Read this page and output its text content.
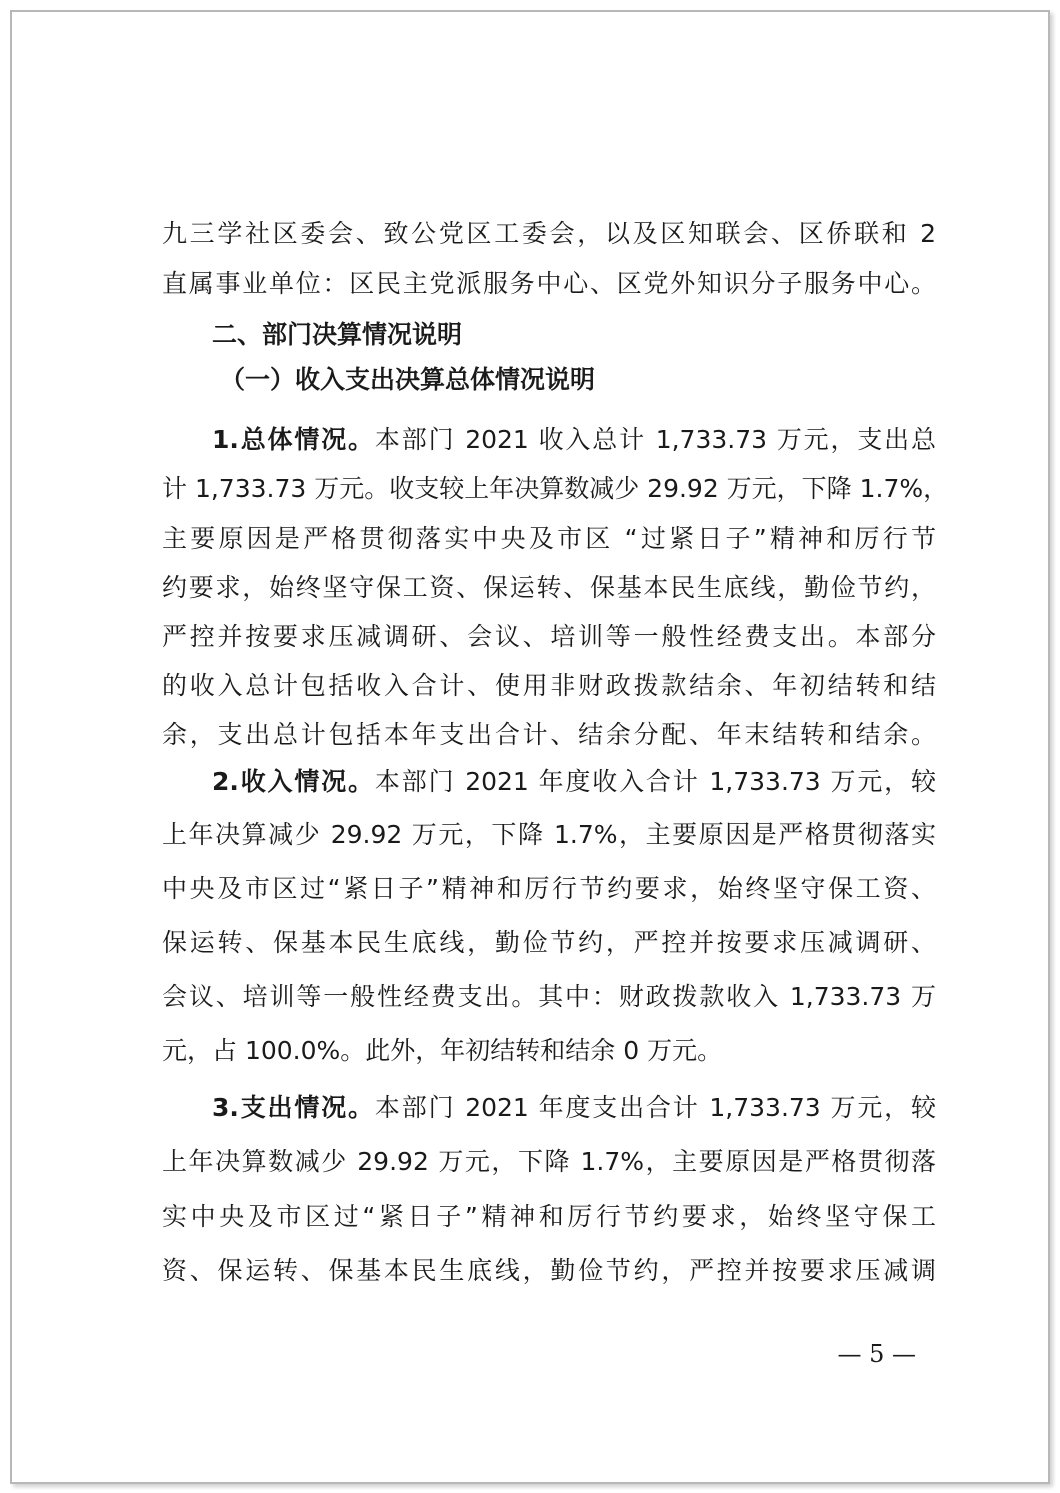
九三学社区委会、致公党区工委会，以及区知联会、区侨联和 2
直属事业单位：区民主党派服务中心、区党外知识分子服务中心。
二、部门决算情况说明
（一）收入支出决算总体情况说明
1.总体情况。本部门 2021 收入总计 1,733.73 万元，支出总
计 1,733.73 万元。收支较上年决算数减少 29.92 万元，下降 1.7%，
主要原因是严格贯彻落实中央及市区 “过紧日子”精神和厉行节
约要求，始终坚守保工资、保运转、保基本民生底线，勤俭节约，
严控并按要求压减调研、会议、培训等一般性经费支出。本部分
的收入总计包括收入合计、使用非财政拨款结余、年初结转和结
余，支出总计包括本年支出合计、结余分配、年末结转和结余。
2.收入情况。本部门 2021 年度收入合计 1,733.73 万元，较
上年决算减少 29.92 万元，下降 1.7%，主要原因是严格贯彻落实
中央及市区过“紧日子”精神和厉行节约要求，始终坚守保工资、
保运转、保基本民生底线，勤俭节约，严控并按要求压减调研、
会议、培训等一般性经费支出。其中：财政拨款收入 1,733.73 万
元，占 100.0%。此外，年初结转和结余 0 万元。
3.支出情况。本部门 2021 年度支出合计 1,733.73 万元，较
上年决算数减少 29.92 万元，下降 1.7%，主要原因是严格贯彻落
实中央及市区过“紧日子”精神和厉行节约要求，始终坚守保工
资、保运转、保基本民生底线，勤俭节约，严控并按要求压减调
— 5 —
